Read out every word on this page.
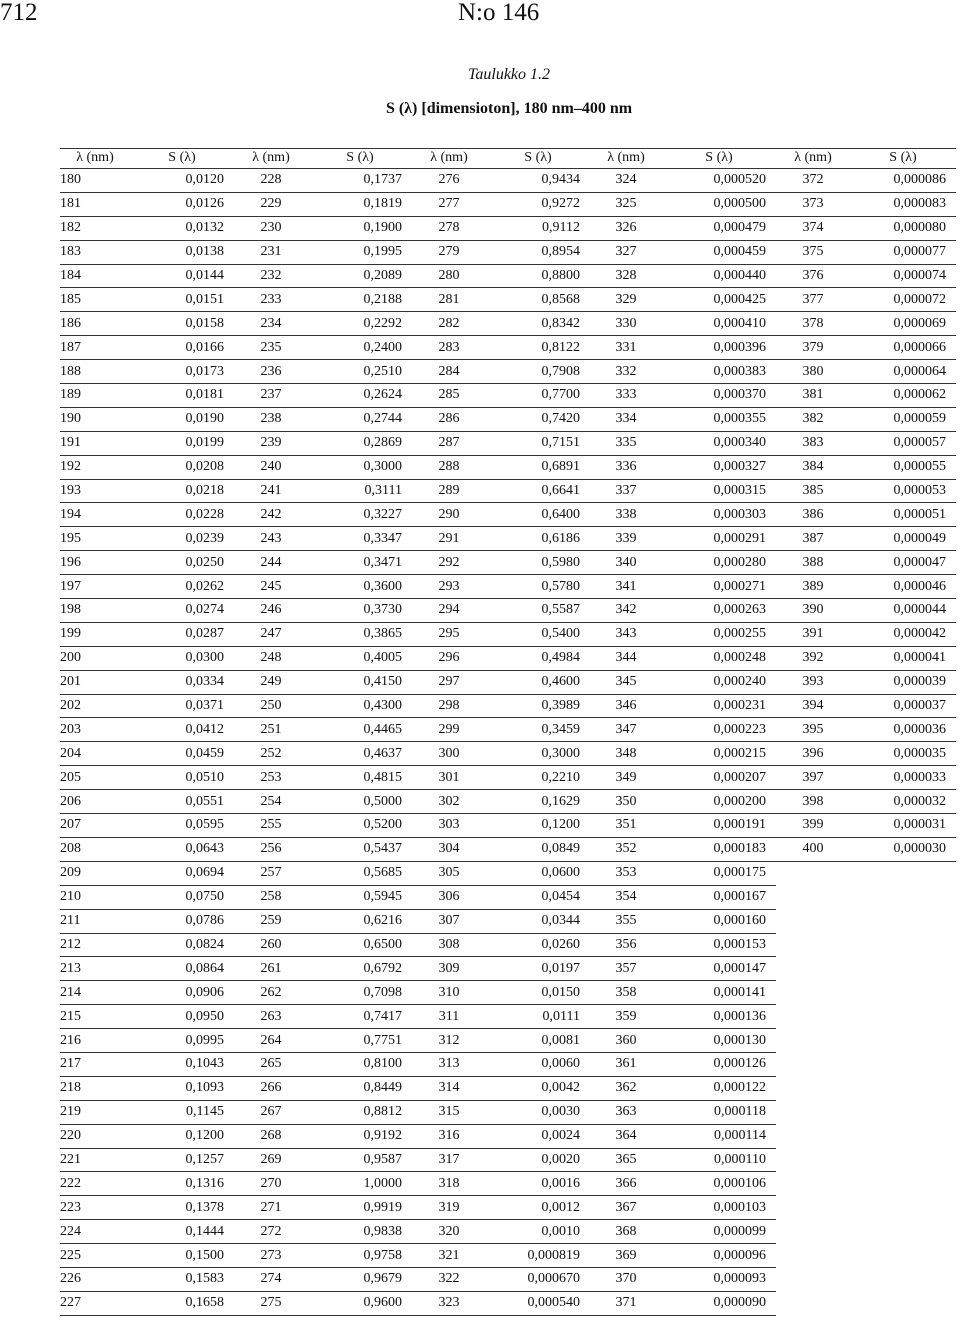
712	N:o 146
Taulukko 1.2
S (λ) [dimensioton], 180 nm–400 nm
λ (nm)	S (λ)	λ (nm)	S (λ)	λ (nm)	S (λ)	λ (nm)	S (λ)	λ (nm)	S (λ)
180	0,0120	228	0,1737	276	0,9434	324	0,000520	372	0,000086
181	0,0126	229	0,1819	277	0,9272	325	0,000500	373	0,000083
182	0,0132	230	0,1900	278	0,9112	326	0,000479	374	0,000080
183	0,0138	231	0,1995	279	0,8954	327	0,000459	375	0,000077
184	0,0144	232	0,2089	280	0,8800	328	0,000440	376	0,000074
185	0,0151	233	0,2188	281	0,8568	329	0,000425	377	0,000072
186	0,0158	234	0,2292	282	0,8342	330	0,000410	378	0,000069
187	0,0166	235	0,2400	283	0,8122	331	0,000396	379	0,000066
188	0,0173	236	0,2510	284	0,7908	332	0,000383	380	0,000064
189	0,0181	237	0,2624	285	0,7700	333	0,000370	381	0,000062
190	0,0190	238	0,2744	286	0,7420	334	0,000355	382	0,000059
191	0,0199	239	0,2869	287	0,7151	335	0,000340	383	0,000057
192	0,0208	240	0,3000	288	0,6891	336	0,000327	384	0,000055
193	0,0218	241	0,3111	289	0,6641	337	0,000315	385	0,000053
194	0,0228	242	0,3227	290	0,6400	338	0,000303	386	0,000051
195	0,0239	243	0,3347	291	0,6186	339	0,000291	387	0,000049
196	0,0250	244	0,3471	292	0,5980	340	0,000280	388	0,000047
197	0,0262	245	0,3600	293	0,5780	341	0,000271	389	0,000046
198	0,0274	246	0,3730	294	0,5587	342	0,000263	390	0,000044
199	0,0287	247	0,3865	295	0,5400	343	0,000255	391	0,000042
200	0,0300	248	0,4005	296	0,4984	344	0,000248	392	0,000041
201	0,0334	249	0,4150	297	0,4600	345	0,000240	393	0,000039
202	0,0371	250	0,4300	298	0,3989	346	0,000231	394	0,000037
203	0,0412	251	0,4465	299	0,3459	347	0,000223	395	0,000036
204	0,0459	252	0,4637	300	0,3000	348	0,000215	396	0,000035
205	0,0510	253	0,4815	301	0,2210	349	0,000207	397	0,000033
206	0,0551	254	0,5000	302	0,1629	350	0,000200	398	0,000032
207	0,0595	255	0,5200	303	0,1200	351	0,000191	399	0,000031
208	0,0643	256	0,5437	304	0,0849	352	0,000183	400	0,000030
209	0,0694	257	0,5685	305	0,0600	353	0,000175		
210	0,0750	258	0,5945	306	0,0454	354	0,000167		
211	0,0786	259	0,6216	307	0,0344	355	0,000160		
212	0,0824	260	0,6500	308	0,0260	356	0,000153		
213	0,0864	261	0,6792	309	0,0197	357	0,000147		
214	0,0906	262	0,7098	310	0,0150	358	0,000141		
215	0,0950	263	0,7417	311	0,0111	359	0,000136		
216	0,0995	264	0,7751	312	0,0081	360	0,000130		
217	0,1043	265	0,8100	313	0,0060	361	0,000126		
218	0,1093	266	0,8449	314	0,0042	362	0,000122		
219	0,1145	267	0,8812	315	0,0030	363	0,000118		
220	0,1200	268	0,9192	316	0,0024	364	0,000114		
221	0,1257	269	0,9587	317	0,0020	365	0,000110		
222	0,1316	270	1,0000	318	0,0016	366	0,000106		
223	0,1378	271	0,9919	319	0,0012	367	0,000103		
224	0,1444	272	0,9838	320	0,0010	368	0,000099		
225	0,1500	273	0,9758	321	0,000819	369	0,000096		
226	0,1583	274	0,9679	322	0,000670	370	0,000093		
227	0,1658	275	0,9600	323	0,000540	371	0,000090		
